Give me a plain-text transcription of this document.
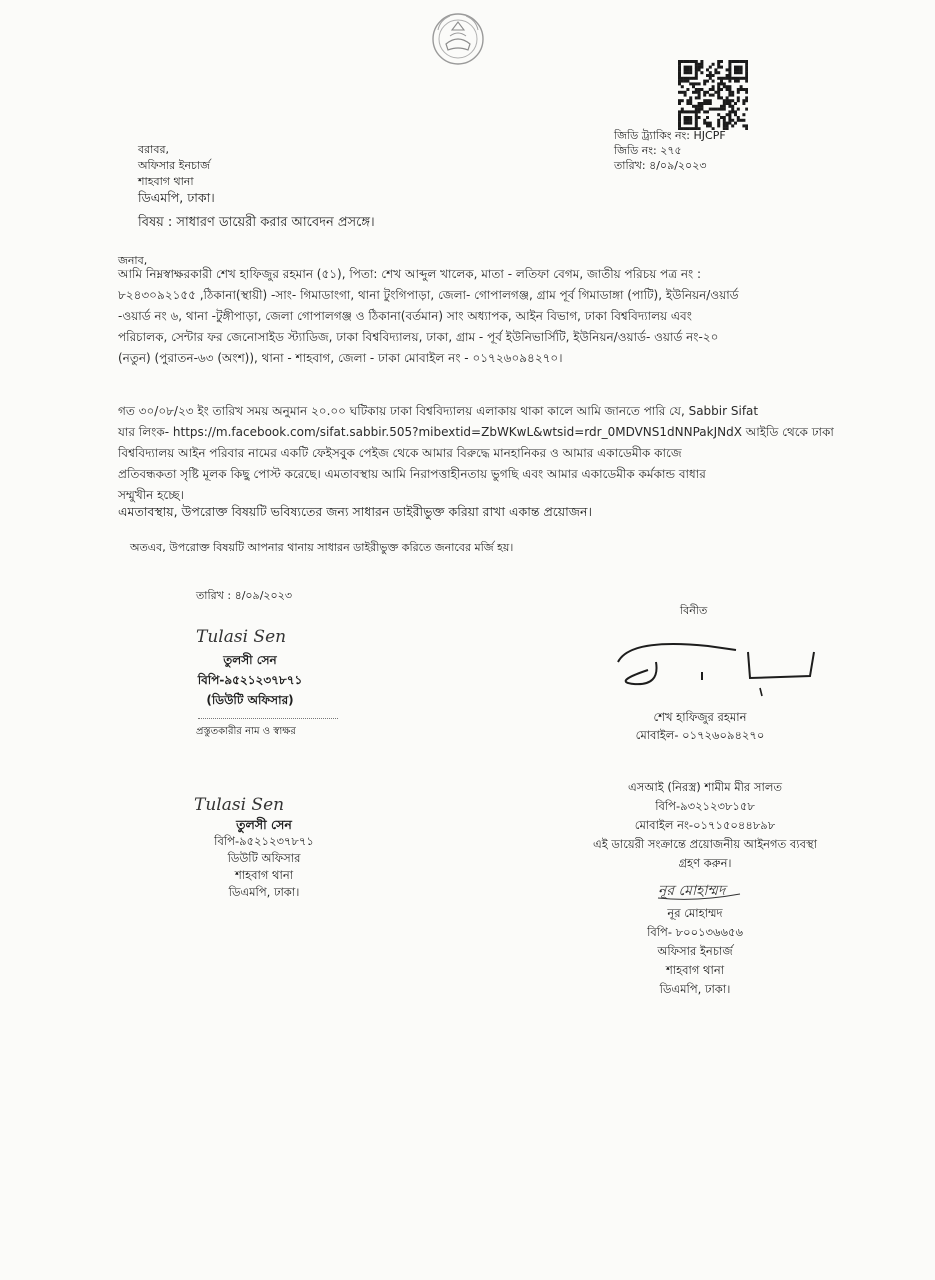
জিডি ট্র্যাকিং নং: HJCPF
জিডি নং: ২৭৫
তারিখ: ৪/০৯/২০২৩
বরাবর,
অফিসার ইনচার্জ
শাহবাগ থানা
ডিএমপি, ঢাকা।
বিষয় : সাধারণ ডায়েরী করার আবেদন প্রসঙ্গে।
জনাব,
আমি নিম্নস্বাক্ষরকারী শেখ হাফিজুর রহমান (৫১), পিতা: শেখ আব্দুল খালেক, মাতা - লতিফা বেগম, জাতীয় পরিচয় পত্র নং :
৮২৪৩০৯২১৫৫ ,ঠিকানা(স্থায়ী) -সাং- গিমাডাংগা, থানা টুংগিপাড়া, জেলা- গোপালগঞ্জ, গ্রাম পূর্ব গিমাডাঙ্গা (পাটি), ইউনিয়ন/ওয়ার্ড
-ওয়ার্ড নং ৬, থানা -টুঙ্গীপাড়া, জেলা গোপালগঞ্জ ও ঠিকানা(বর্তমান) সাং অধ্যাপক, আইন বিভাগ, ঢাকা বিশ্ববিদ্যালয় এবং
পরিচালক, সেন্টার ফর জেনোসাইড স্ট্যাডিজ, ঢাকা বিশ্ববিদ্যালয়, ঢাকা, গ্রাম - পূর্ব ইউনিভার্সিটি, ইউনিয়ন/ওয়ার্ড- ওয়ার্ড নং-২০
(নতুন) (পুরাতন-৬৩ (অংশ)), থানা - শাহবাগ, জেলা - ঢাকা মোবাইল নং - ০১৭২৬০৯৪২৭০।
গত ৩০/০৮/২৩ ইং তারিখ সময় অনুমান ২০.০০ ঘটিকায় ঢাকা বিশ্ববিদ্যালয় এলাকায় থাকা কালে আমি জানতে পারি যে, Sabbir Sifat
যার লিংক- https://m.facebook.com/sifat.sabbir.505?mibextid=ZbWKwL&wtsid=rdr_0MDVNS1dNNPakJNdX আইডি থেকে ঢাকা
বিশ্ববিদ্যালয় আইন পরিবার নামের একটি ফেইসবুক পেইজ থেকে আমার বিরুদ্ধে মানহানিকর ও আমার একাডেমীক কাজে
প্রতিবন্ধকতা সৃষ্টি মূলক কিছু পোস্ট করেছে। এমতাবস্থায় আমি নিরাপত্তাহীনতায় ভুগছি এবং আমার একাডেমীক কর্মকান্ড বাধার
সম্মুখীন হচ্ছে।
এমতাবস্থায়, উপরোক্ত বিষয়টি ভবিষ্যতের জন্য সাধারন ডাইরীভুক্ত করিয়া রাখা একান্ত প্রয়োজন।
অতএব, উপরোক্ত বিষয়টি আপনার থানায় সাধারন ডাইরীভুক্ত করিতে জনাবের মর্জি হয়।
তারিখ : ৪/০৯/২০২৩
Tulasi Sen
তুলসী সেন
বিপি-৯৫২১২৩৭৮৭১
(ডিউটি অফিসার)
প্রস্তুতকারীর নাম ও স্বাক্ষর
বিনীত
শেখ হাফিজুর রহমান
মোবাইল- ০১৭২৬০৯৪২৭০
Tulasi Sen
তুলসী সেন
বিপি-৯৫২১২৩৭৮৭১
ডিউটি অফিসার
শাহবাগ থানা
ডিএমপি, ঢাকা।
এসআই (নিরস্ত্র) শামীম মীর সালত
বিপি-৯৩২১২৩৮১৫৮
মোবাইল নং-০১৭১৫০৪৪৮৯৮
এই ডায়েরী সংক্রান্তে প্রয়োজনীয় আইনগত ব্যবস্থা
গ্রহণ করুন।
নূর মোহাম্মদ
নূর মোহাম্মদ
বিপি- ৮০০১৩৬৬৫৬
অফিসার ইনচার্জ
শাহবাগ থানা
ডিএমপি, ঢাকা।
